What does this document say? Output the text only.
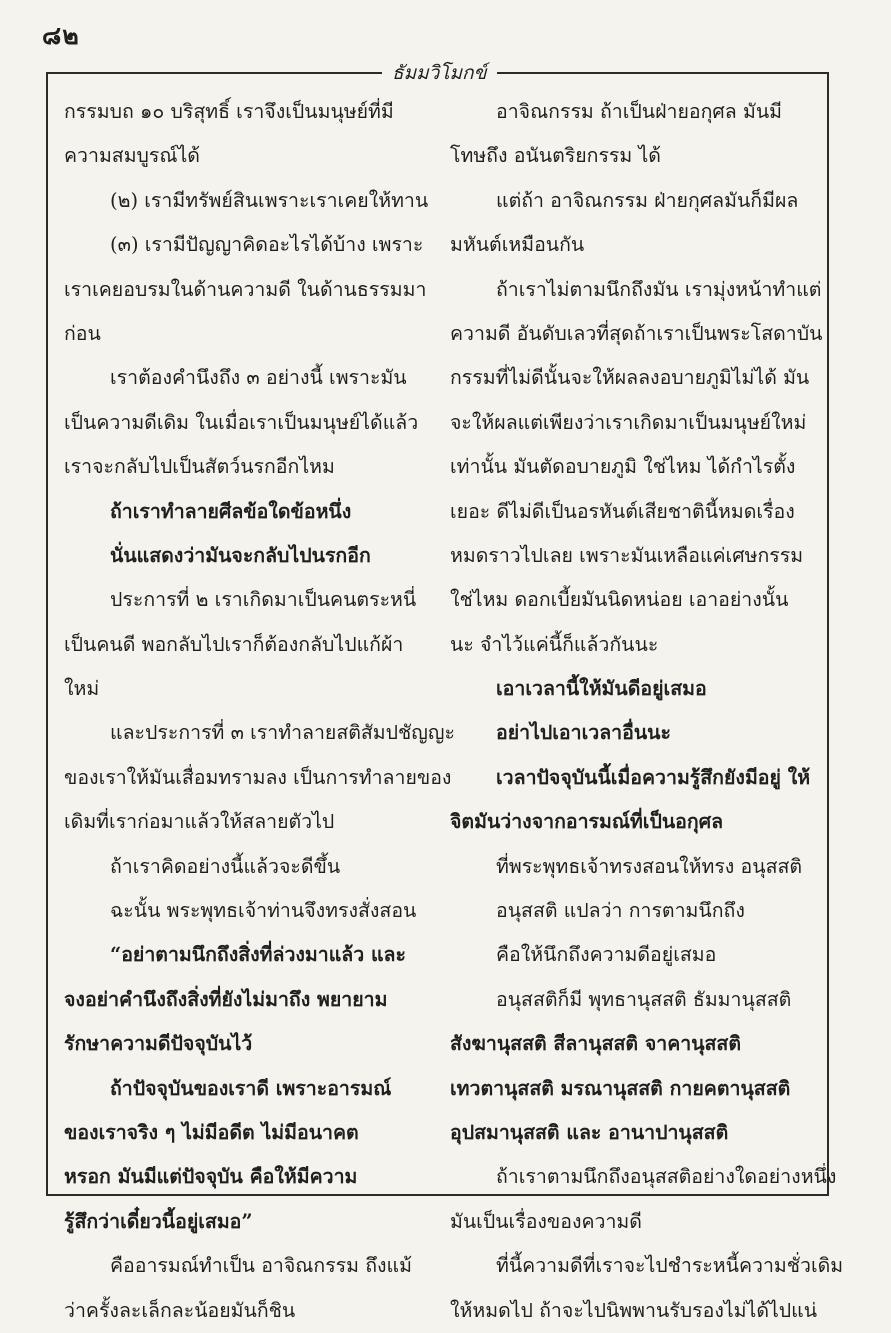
๘๒
ธัมมวิโมกข์

กรรมบถ ๑๐ บริสุทธิ์ เราจึงเป็นมนุษย์ที่มี

ความสมบูรณ์ได้

(๒) เรามีทรัพย์สินเพราะเราเคยให้ทาน

(๓) เรามีปัญญาคิดอะไรได้บ้าง เพราะ

เราเคยอบรมในด้านความดี ในด้านธรรมมา

ก่อน

เราต้องคำนึงถึง ๓ อย่างนี้ เพราะมัน

เป็นความดีเดิม ในเมื่อเราเป็นมนุษย์ได้แล้ว

เราจะกลับไปเป็นสัตว์นรกอีกไหม

ถ้าเราทำลายศีลข้อใดข้อหนึ่ง

นั่นแสดงว่ามันจะกลับไปนรกอีก

ประการที่ ๒ เราเกิดมาเป็นคนตระหนี่

เป็นคนดี พอกลับไปเราก็ต้องกลับไปแก้ผ้า

ใหม่

และประการที่ ๓ เราทำลายสติสัมปชัญญะ

ของเราให้มันเสื่อมทรามลง เป็นการทำลายของ

เดิมที่เราก่อมาแล้วให้สลายตัวไป

ถ้าเราคิดอย่างนี้แล้วจะดีขึ้น

ฉะนั้น พระพุทธเจ้าท่านจึงทรงสั่งสอน

“อย่าตามนึกถึงสิ่งที่ล่วงมาแล้ว และ

จงอย่าคำนึงถึงสิ่งที่ยังไม่มาถึง พยายาม

รักษาความดีปัจจุบันไว้

ถ้าปัจจุบันของเราดี เพราะอารมณ์

ของเราจริง ๆ ไม่มีอดีต ไม่มีอนาคต

หรอก มันมีแต่ปัจจุบัน คือให้มีความ

รู้สึกว่าเดี๋ยวนี้อยู่เสมอ”

คืออารมณ์ทำเป็น อาจิณกรรม ถึงแม้

ว่าครั้งละเล็กละน้อยมันก็ชิน

อาจิณกรรม ถ้าเป็นฝ่ายอกุศล มันมี

โทษถึง อนันตริยกรรม ได้

แต่ถ้า อาจิณกรรม ฝ่ายกุศลมันก็มีผล

มหันต์เหมือนกัน

ถ้าเราไม่ตามนึกถึงมัน เรามุ่งหน้าทำแต่

ความดี อันดับเลวที่สุดถ้าเราเป็นพระโสดาบัน

กรรมที่ไม่ดีนั้นจะให้ผลลงอบายภูมิไม่ได้ มัน

จะให้ผลแต่เพียงว่าเราเกิดมาเป็นมนุษย์ใหม่

เท่านั้น มันตัดอบายภูมิ ใช่ไหม ได้กำไรตั้ง

เยอะ ดีไม่ดีเป็นอรหันต์เสียชาตินี้หมดเรื่อง

หมดราวไปเลย เพราะมันเหลือแค่เศษกรรม

ใช่ไหม ดอกเบี้ยมันนิดหน่อย เอาอย่างนั้น

นะ จำไว้แค่นี้ก็แล้วกันนะ

เอาเวลานี้ให้มันดีอยู่เสมอ

อย่าไปเอาเวลาอื่นนะ

เวลาปัจจุบันนี้เมื่อความรู้สึกยังมีอยู่ ให้

จิตมันว่างจากอารมณ์ที่เป็นอกุศล

ที่พระพุทธเจ้าทรงสอนให้ทรง อนุสสติ

อนุสสติ แปลว่า การตามนึกถึง

คือให้นึกถึงความดีอยู่เสมอ

อนุสสติก็มี พุทธานุสสติ ธัมมานุสสติ

สังฆานุสสติ สีลานุสสติ จาคานุสสติ

เทวตานุสสติ มรณานุสสติ กายคตานุสสติ

อุปสมานุสสติ และ อานาปานุสสติ

ถ้าเราตามนึกถึงอนุสสติอย่างใดอย่างหนึ่ง

มันเป็นเรื่องของความดี

ที่นี้ความดีที่เราจะไปชำระหนี้ความชั่วเดิม

ให้หมดไป ถ้าจะไปนิพพานรับรองไม่ได้ไปแน่
